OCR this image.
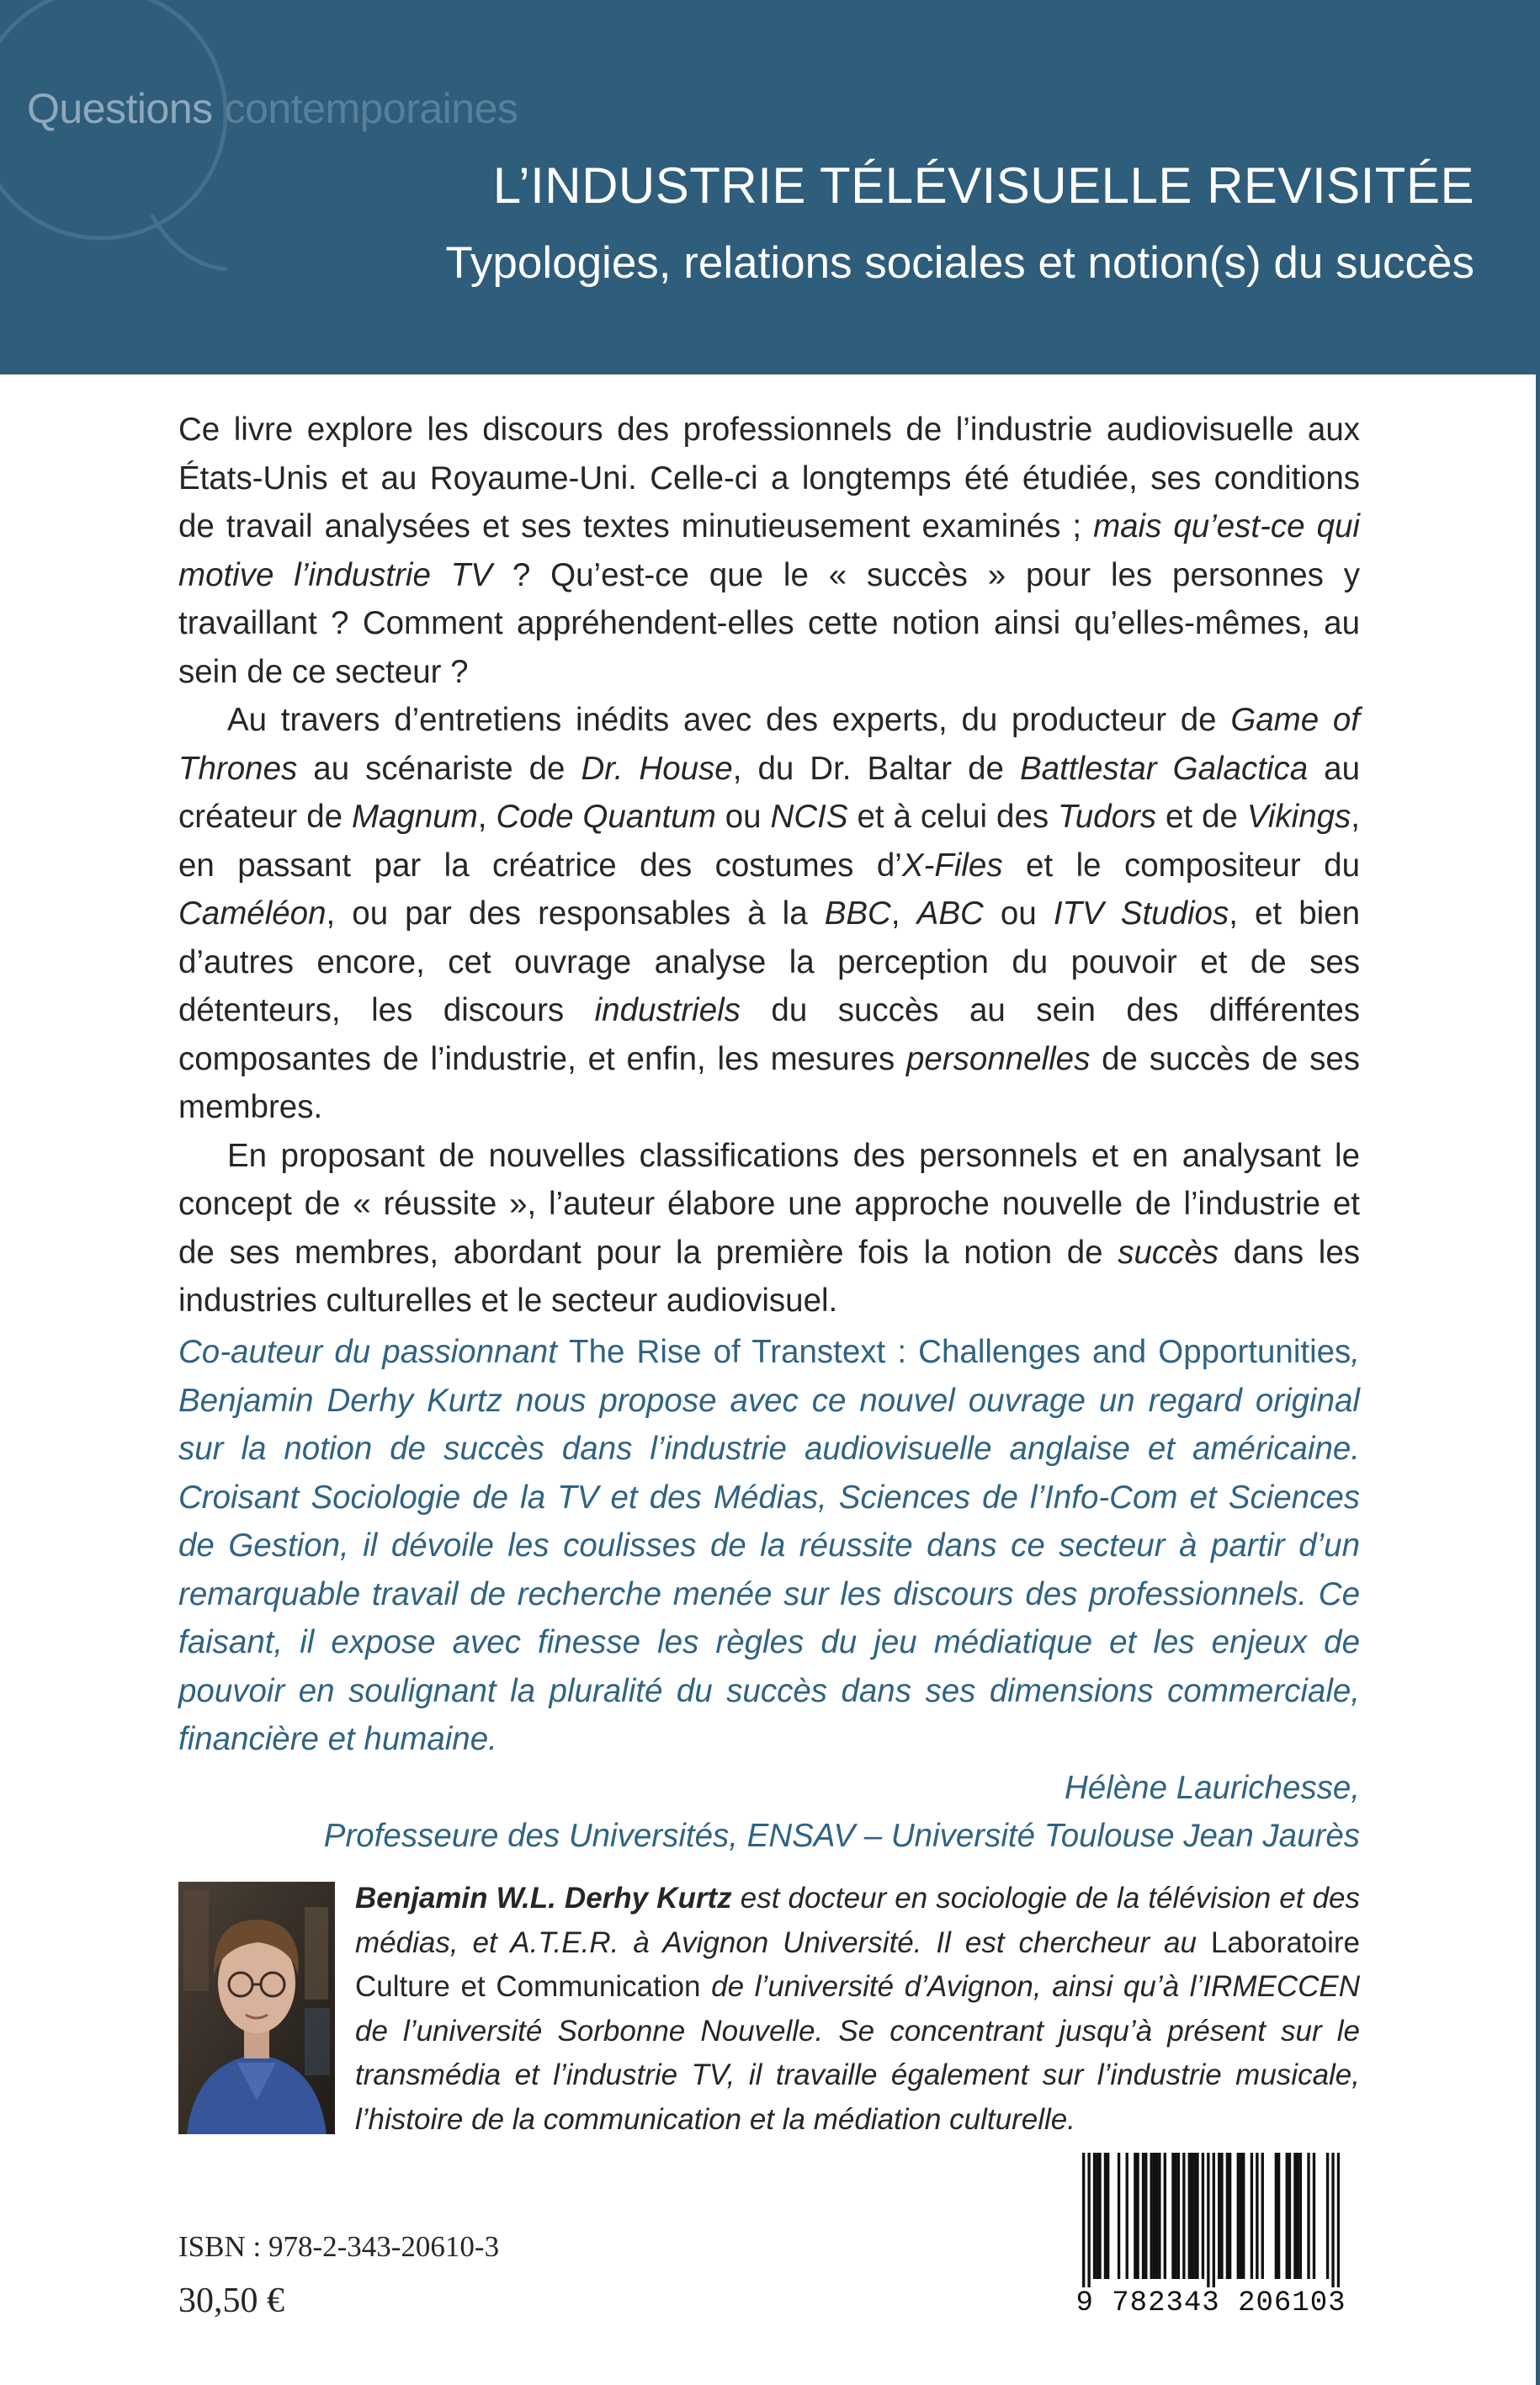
Questions contemporaines
L’INDUSTRIE TÉLÉVISUELLE REVISITÉE
Typologies, relations sociales et notion(s) du succès

Ce livre explore les discours des professionnels de l’industrie audiovisuelle aux États-Unis et au Royaume-Uni. Celle-ci a longtemps été étudiée, ses conditions de travail analysées et ses textes minutieusement examinés ; mais qu’est-ce qui motive l’industrie TV ? Qu’est-ce que le « succès » pour les personnes y travaillant ? Comment appréhendent-elles cette notion ainsi qu’elles-mêmes, au sein de ce secteur ?

Au travers d’entretiens inédits avec des experts, du producteur de Game of Thrones au scénariste de Dr. House, du Dr. Baltar de Battlestar Galactica au créateur de Magnum, Code Quantum ou NCIS et à celui des Tudors et de Vikings, en passant par la créatrice des costumes d’X-Files et le compositeur du Caméléon, ou par des responsables à la BBC, ABC ou ITV Studios, et bien d’autres encore, cet ouvrage analyse la perception du pouvoir et de ses détenteurs, les discours industriels du succès au sein des différentes composantes de l’industrie, et enfin, les mesures personnelles de succès de ses membres.

En proposant de nouvelles classifications des personnels et en analysant le concept de « réussite », l’auteur élabore une approche nouvelle de l’industrie et de ses membres, abordant pour la première fois la notion de succès dans les industries culturelles et le secteur audiovisuel.

Co-auteur du passionnant The Rise of Transtext : Challenges and Opportunities, Benjamin Derhy Kurtz nous propose avec ce nouvel ouvrage un regard original sur la notion de succès dans l’industrie audiovisuelle anglaise et américaine. Croisant Sociologie de la TV et des Médias, Sciences de l’Info-Com et Sciences de Gestion, il dévoile les coulisses de la réussite dans ce secteur à partir d’un remarquable travail de recherche menée sur les discours des professionnels. Ce faisant, il expose avec finesse les règles du jeu médiatique et les enjeux de pouvoir en soulignant la pluralité du succès dans ses dimensions commerciale, financière et humaine.

Hélène Laurichesse,

Professeure des Universités, ENSAV – Université Toulouse Jean Jaurès

Benjamin W.L. Derhy Kurtz est docteur en sociologie de la télévision et des médias, et A.T.E.R. à Avignon Université. Il est chercheur au Laboratoire Culture et Communication de l’université d’Avignon, ainsi qu’à l’IRMECCEN de l’université Sorbonne Nouvelle. Se concentrant jusqu’à présent sur le transmédia et l’industrie TV, il travaille également sur l’industrie musicale, l’histoire de la communication et la médiation culturelle.

ISBN : 978-2-343-20610-3

30,50 €	9 782343 206103
